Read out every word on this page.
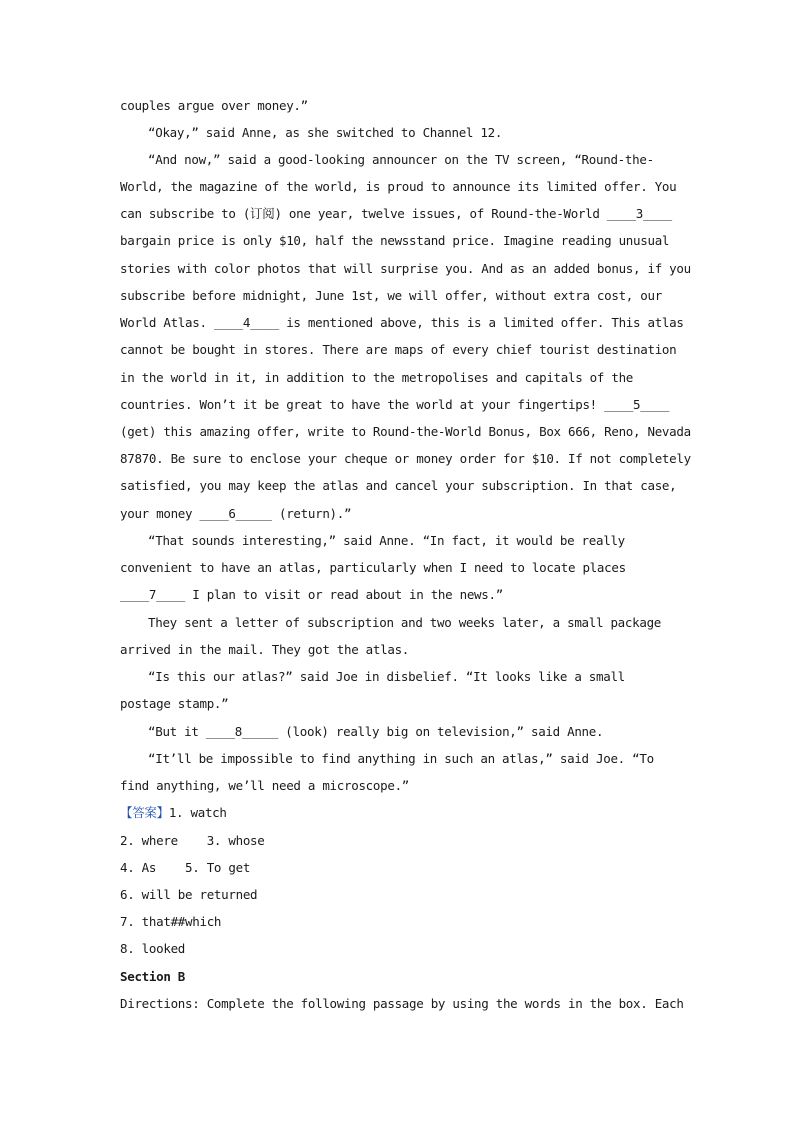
couples argue over money.”
“Okay,” said Anne, as she switched to Channel 12.
“And now,” said a good-looking announcer on the TV screen, “Round-the-
World, the magazine of the world, is proud to announce its limited offer. You
can subscribe to (订阅) one year, twelve issues, of Round-the-World ____3____
bargain price is only $10, half the newsstand price. Imagine reading unusual
stories with color photos that will surprise you. And as an added bonus, if you
subscribe before midnight, June 1st, we will offer, without extra cost, our
World Atlas. ____4____ is mentioned above, this is a limited offer. This atlas
cannot be bought in stores. There are maps of every chief tourist destination
in the world in it, in addition to the metropolises and capitals of the
countries. Won’t it be great to have the world at your fingertips! ____5____
(get) this amazing offer, write to Round-the-World Bonus, Box 666, Reno, Nevada
87870. Be sure to enclose your cheque or money order for $10. If not completely
satisfied, you may keep the atlas and cancel your subscription. In that case,
your money ____6_____ (return).”
“That sounds interesting,” said Anne. “In fact, it would be really
convenient to have an atlas, particularly when I need to locate places
____7____ I plan to visit or read about in the news.”
They sent a letter of subscription and two weeks later, a small package
arrived in the mail. They got the atlas.
“Is this our atlas?” said Joe in disbelief. “It looks like a small
postage stamp.”
“But it ____8_____ (look) really big on television,” said Anne.
“It’ll be impossible to find anything in such an atlas,” said Joe. “To
find anything, we’ll need a microscope.”
【答案】1. watch
2. where    3. whose
4. As    5. To get
6. will be returned
7. that##which
8. looked
Section B
Directions: Complete the following passage by using the words in the box. Each
